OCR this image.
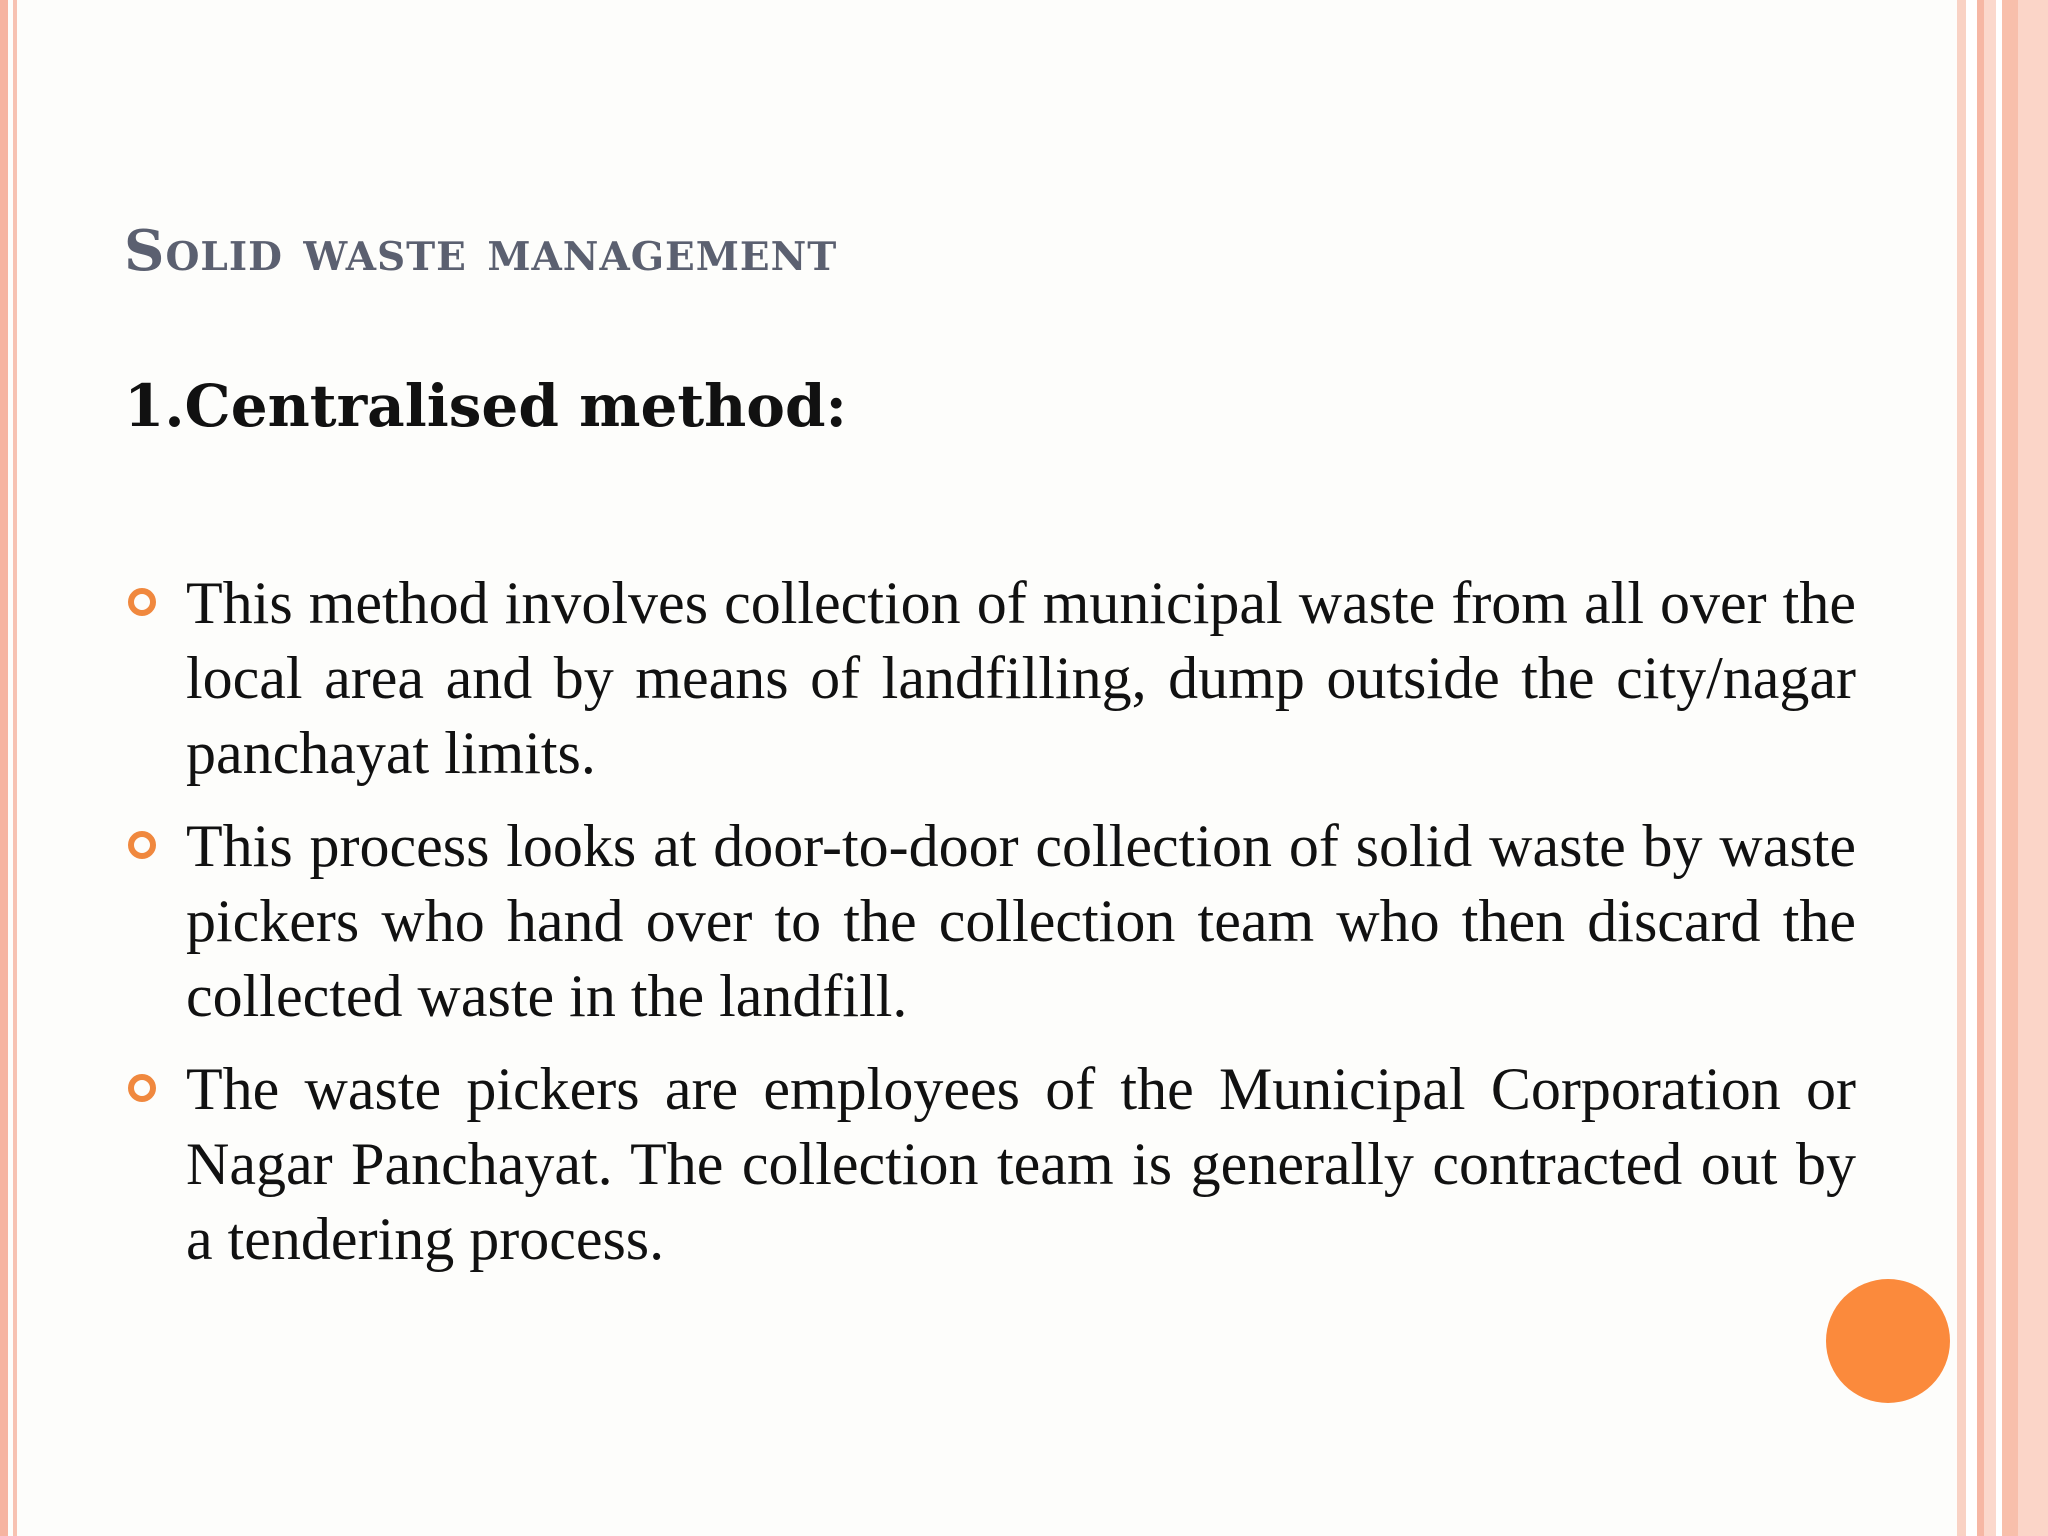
Solid waste management
1.Centralised method:
This method involves collection of municipal waste from all over the local area and by means of landfilling, dump outside the city/nagar panchayat limits.
This process looks at door-to-door collection of solid waste by waste pickers who hand over to the collection team who then discard the collected waste in the landfill.
The waste pickers are employees of the Municipal Corporation or Nagar Panchayat. The collection team is generally contracted out by a tendering process.
